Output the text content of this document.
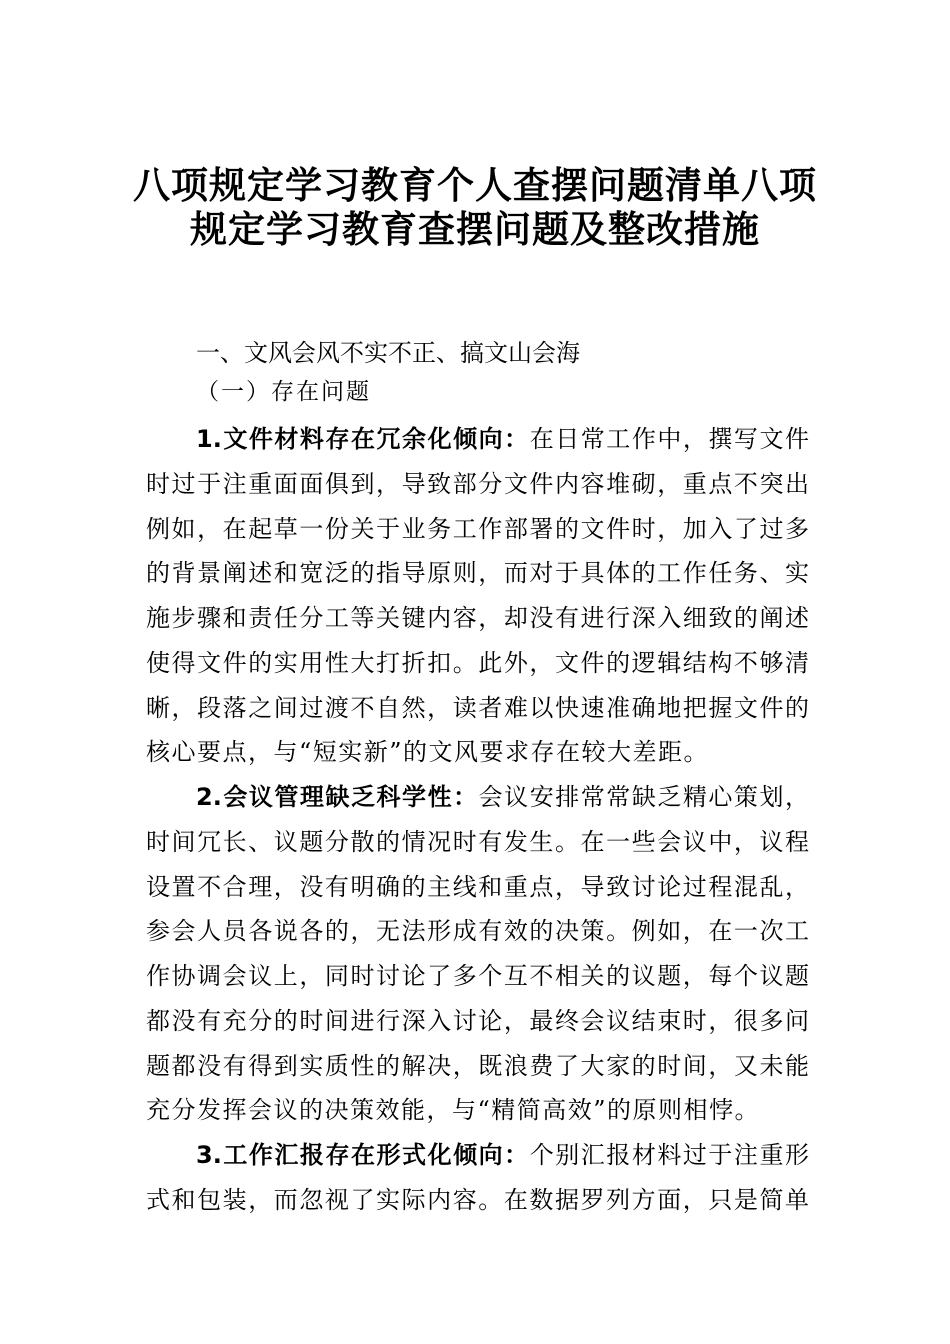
八项规定学习教育个人查摆问题清单八项
规定学习教育查摆问题及整改措施
一、文风会风不实不正、搞文山会海
（一）存在问题
1.文件材料存在冗余化倾向：在日常工作中，撰写文件
时过于注重面面俱到，导致部分文件内容堆砌，重点不突出
例如，在起草一份关于业务工作部署的文件时，加入了过多
的背景阐述和宽泛的指导原则，而对于具体的工作任务、实
施步骤和责任分工等关键内容，却没有进行深入细致的阐述
使得文件的实用性大打折扣。此外，文件的逻辑结构不够清
晰，段落之间过渡不自然，读者难以快速准确地把握文件的
核心要点，与“短实新”的文风要求存在较大差距。
2.会议管理缺乏科学性：会议安排常常缺乏精心策划，
时间冗长、议题分散的情况时有发生。在一些会议中，议程
设置不合理，没有明确的主线和重点，导致讨论过程混乱，
参会人员各说各的，无法形成有效的决策。例如，在一次工
作协调会议上，同时讨论了多个互不相关的议题，每个议题
都没有充分的时间进行深入讨论，最终会议结束时，很多问
题都没有得到实质性的解决，既浪费了大家的时间，又未能
充分发挥会议的决策效能，与“精简高效”的原则相悖。
3.工作汇报存在形式化倾向：个别汇报材料过于注重形
式和包装，而忽视了实际内容。在数据罗列方面，只是简单
